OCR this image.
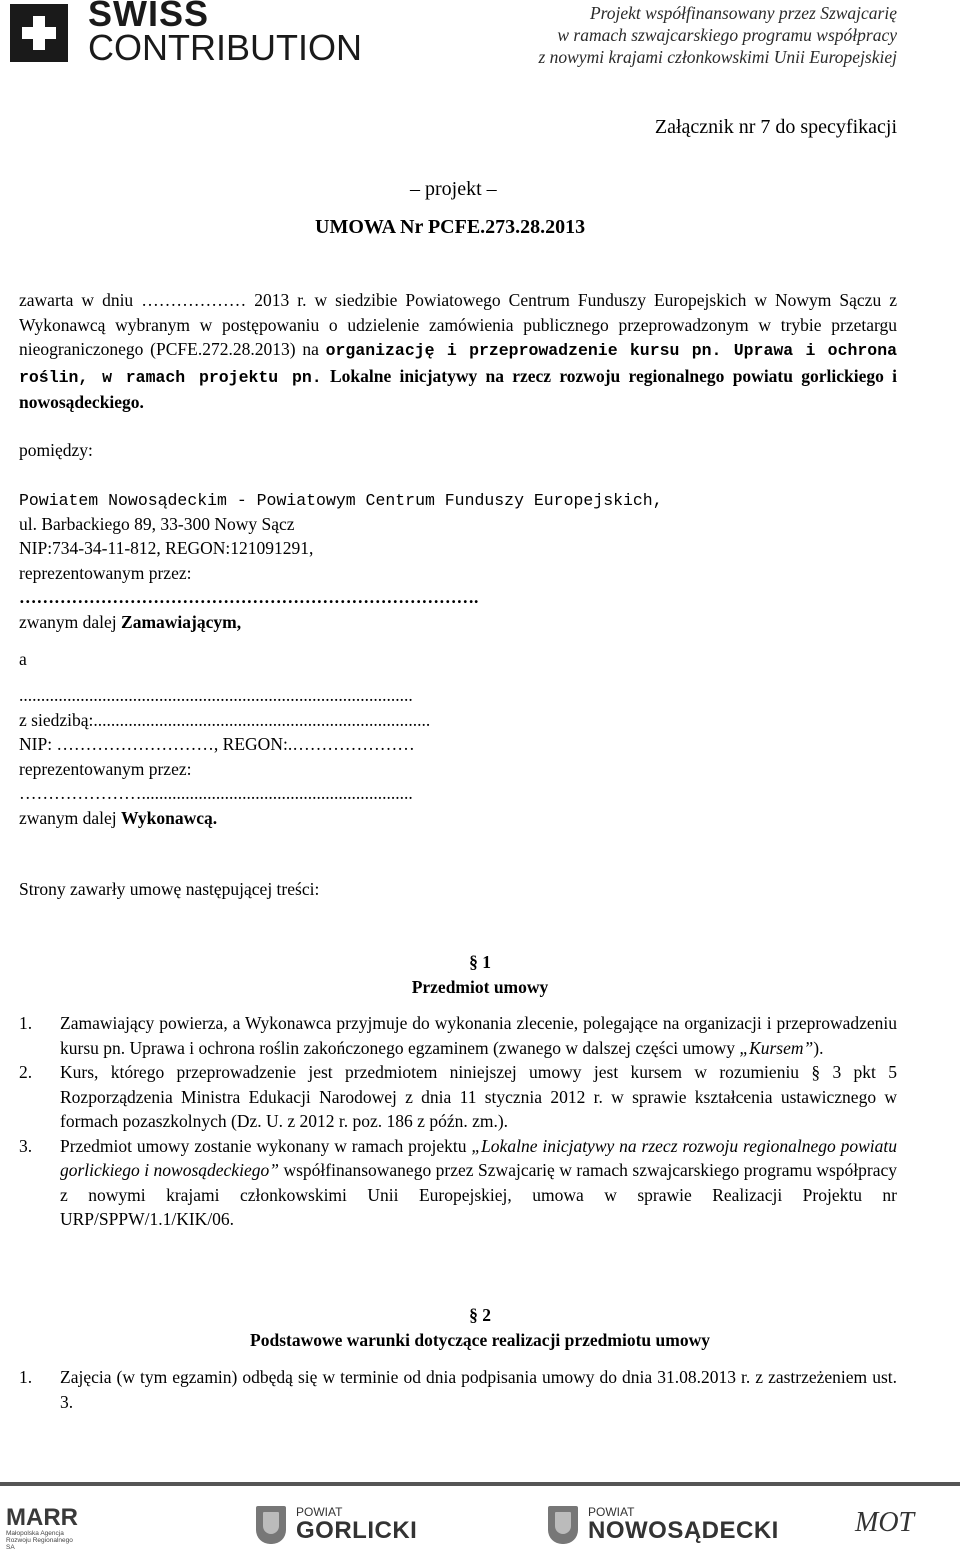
SWISS
CONTRIBUTION
Projekt współfinansowany przez Szwajcarię
w ramach szwajcarskiego programu współpracy
z nowymi krajami członkowskimi Unii Europejskiej
Załącznik nr 7 do specyfikacji
– projekt –
UMOWA Nr PCFE.273.28.2013
zawarta w dniu ……………… 2013 r. w siedzibie Powiatowego Centrum Funduszy Europejskich w Nowym Sączu z Wykonawcą wybranym w postępowaniu o udzielenie zamówienia publicznego przeprowadzonym w trybie przetargu nieograniczonego (PCFE.272.28.2013) na organizację i przeprowadzenie kursu pn. Uprawa i ochrona roślin, w ramach projektu pn. Lokalne inicjatywy na rzecz rozwoju regionalnego powiatu gorlickiego i nowosądeckiego.
pomiędzy:
Powiatem Nowosądeckim - Powiatowym Centrum Funduszy Europejskich,
ul. Barbackiego 89, 33-300 Nowy Sącz
NIP:734-34-11-812, REGON:121091291,
reprezentowanym przez:
…………………………………………………………………….
zwanym dalej Zamawiającym,
a
..........................................................................................
z siedzibą:.............................................................................
NIP: ………………………, REGON:.…………………
reprezentowanym przez:
…………………..............................................................
zwanym dalej Wykonawcą.
Strony zawarły umowę następującej treści:
§ 1
Przedmiot umowy
1. Zamawiający powierza, a Wykonawca przyjmuje do wykonania zlecenie, polegające na organizacji i przeprowadzeniu kursu pn. Uprawa i ochrona roślin zakończonego egzaminem (zwanego w dalszej części umowy „Kursem”).
2. Kurs, którego przeprowadzenie jest przedmiotem niniejszej umowy jest kursem w rozumieniu § 3 pkt 5 Rozporządzenia Ministra Edukacji Narodowej z dnia 11 stycznia 2012 r. w sprawie kształcenia ustawicznego w formach pozaszkolnych (Dz. U. z 2012 r. poz. 186 z późn. zm.).
3. Przedmiot umowy zostanie wykonany w ramach projektu „Lokalne inicjatywy na rzecz rozwoju regionalnego powiatu gorlickiego i nowosądeckiego” współfinansowanego przez Szwajcarię w ramach szwajcarskiego programu współpracy z nowymi krajami członkowskimi Unii Europejskiej, umowa w sprawie Realizacji Projektu nr URP/SPPW/1.1/KIK/06.
§ 2
Podstawowe warunki dotyczące realizacji przedmiotu umowy
1. Zajęcia (w tym egzamin) odbędą się w terminie od dnia podpisania umowy do dnia 31.08.2013 r. z zastrzeżeniem ust. 3.
MARR
Małopolska Agencja
Rozwoju Regionalnego SA
POWIAT
GORLICKI
POWIAT
NOWOSĄDECKI	MOT
